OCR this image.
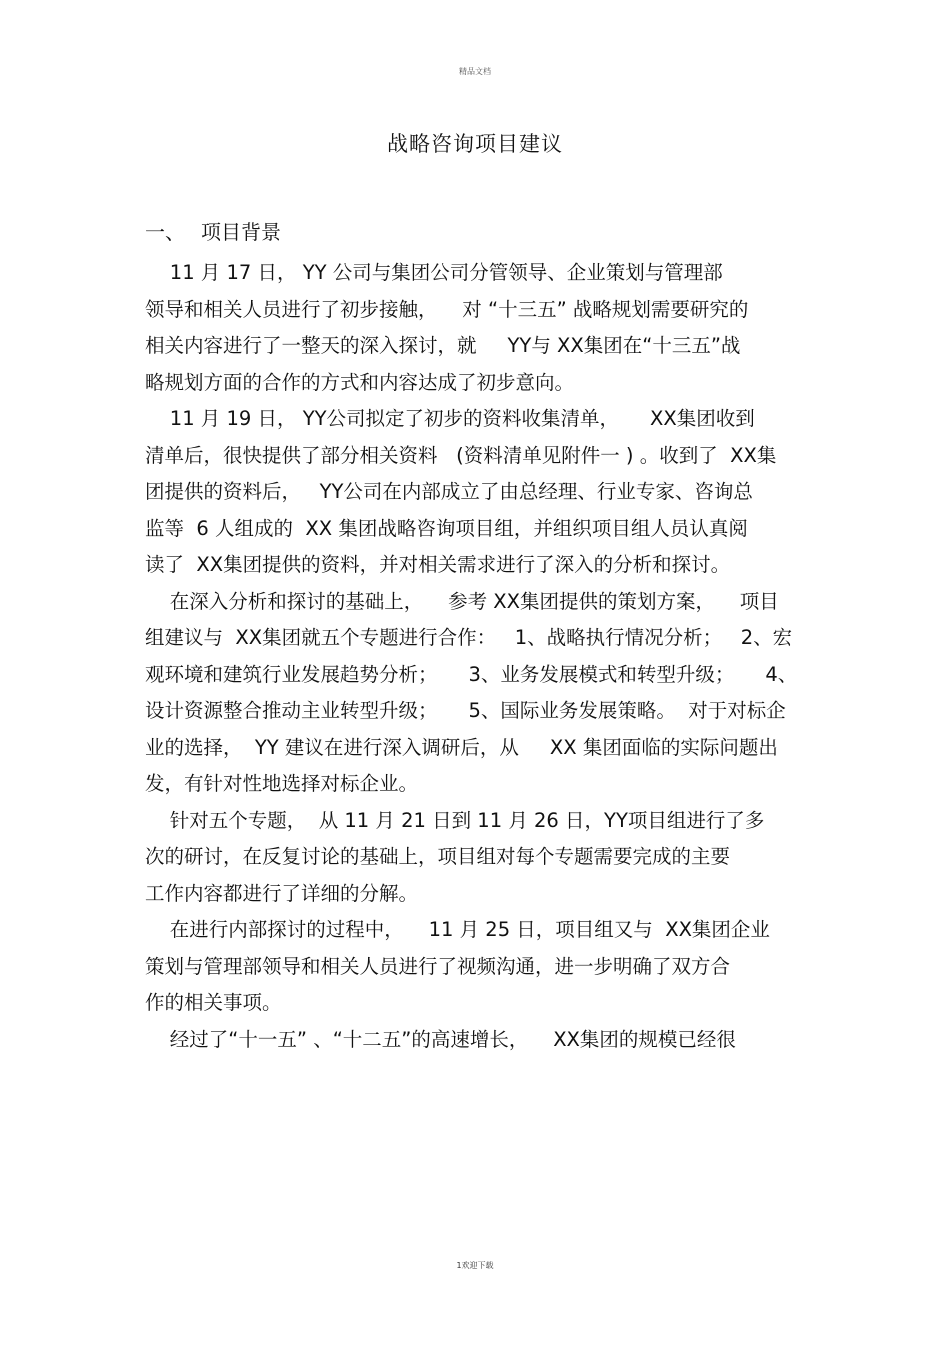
精品文档
战略咨询项目建议
一、 项目背景
11 月 17 日， YY 公司与集团公司分管领导、企业策划与管理部
领导和相关人员进行了初步接触，    对 “十三五” 战略规划需要研究的
相关内容进行了一整天的深入探讨，就     YY与 XX集团在“十三五”战
略规划方面的合作的方式和内容达成了初步意向。
11 月 19 日， YY公司拟定了初步的资料收集清单，     XX集团收到
清单后，很快提供了部分相关资料   (资料清单见附件一 ) 。收到了  XX集
团提供的资料后，   YY公司在内部成立了由总经理、行业专家、咨询总
监等  6 人组成的  XX 集团战略咨询项目组，并组织项目组人员认真阅
读了  XX集团提供的资料，并对相关需求进行了深入的分析和探讨。
在深入分析和探讨的基础上，    参考 XX集团提供的策划方案，    项目
组建议与  XX集团就五个专题进行合作：   1、战略执行情况分析；   2、宏
观环境和建筑行业发展趋势分析；     3、业务发展模式和转型升级；     4、
设计资源整合推动主业转型升级；     5、国际业务发展策略。  对于对标企
业的选择，  YY 建议在进行深入调研后，从     XX 集团面临的实际问题出
发，有针对性地选择对标企业。
针对五个专题，  从 11 月 21 日到 11 月 26 日，YY项目组进行了多
次的研讨，在反复讨论的基础上，项目组对每个专题需要完成的主要
工作内容都进行了详细的分解。
在进行内部探讨的过程中，    11 月 25 日，项目组又与  XX集团企业
策划与管理部领导和相关人员进行了视频沟通，进一步明确了双方合
作的相关事项。
经过了“十一五” 、“十二五”的高速增长，    XX集团的规模已经很
1欢迎下载
